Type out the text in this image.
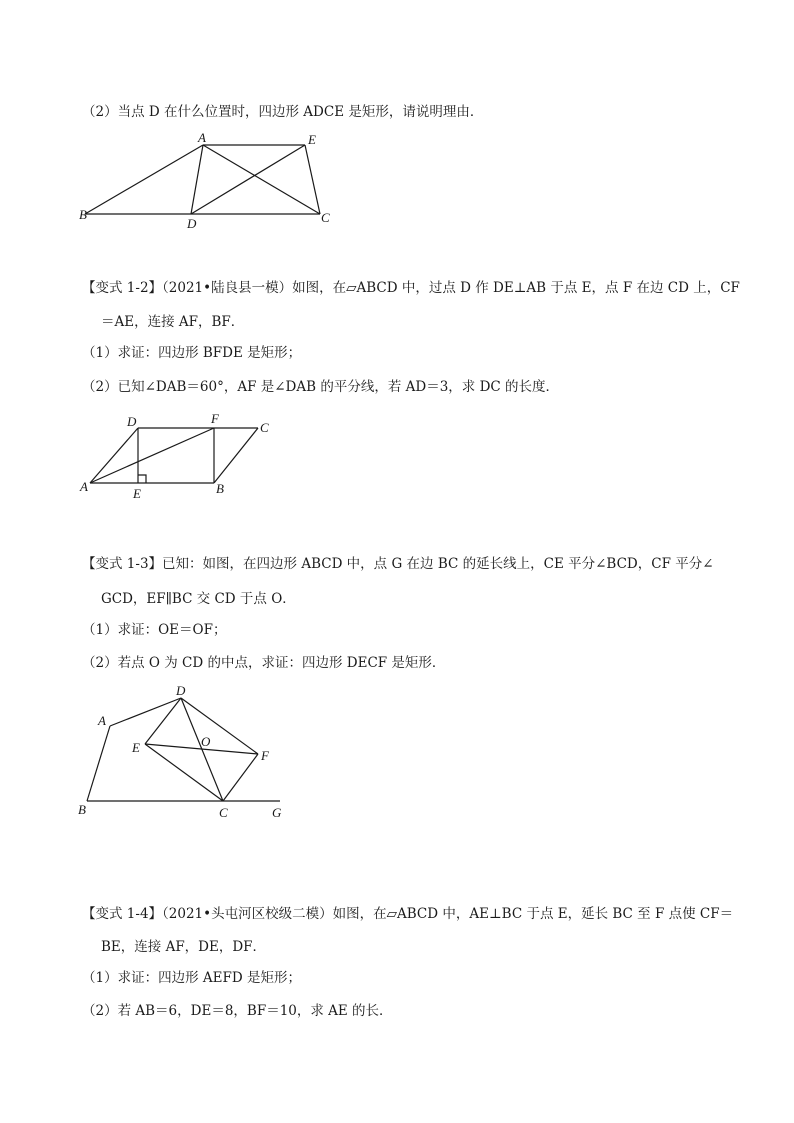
（2）当点 D 在什么位置时，四边形 ADCE 是矩形，请说明理由．
A	E
B
D	C
【变式 1-2】（2021•陆良县一模）如图，在▱ABCD 中，过点 D 作 DE⊥AB 于点 E，点 F 在边 CD 上，CF
＝AE，连接 AF，BF．
（1）求证：四边形 BFDE 是矩形；
（2）已知∠DAB＝60°，AF 是∠DAB 的平分线，若 AD＝3，求 DC 的长度．
D	F
C
A	E	B
【变式 1-3】已知：如图，在四边形 ABCD 中，点 G 在边 BC 的延长线上，CE 平分∠BCD，CF 平分∠
GCD，EF∥BC 交 CD 于点 O．
（1）求证：OE＝OF；
（2）若点 O 为 CD 的中点，求证：四边形 DECF 是矩形．
D
A
E	O
F
B	C	G
【变式 1-4】（2021•头屯河区校级二模）如图，在▱ABCD 中，AE⊥BC 于点 E，延长 BC 至 F 点使 CF＝
BE，连接 AF，DE，DF．
（1）求证：四边形 AEFD 是矩形；
（2）若 AB＝6，DE＝8，BF＝10，求 AE 的长．
